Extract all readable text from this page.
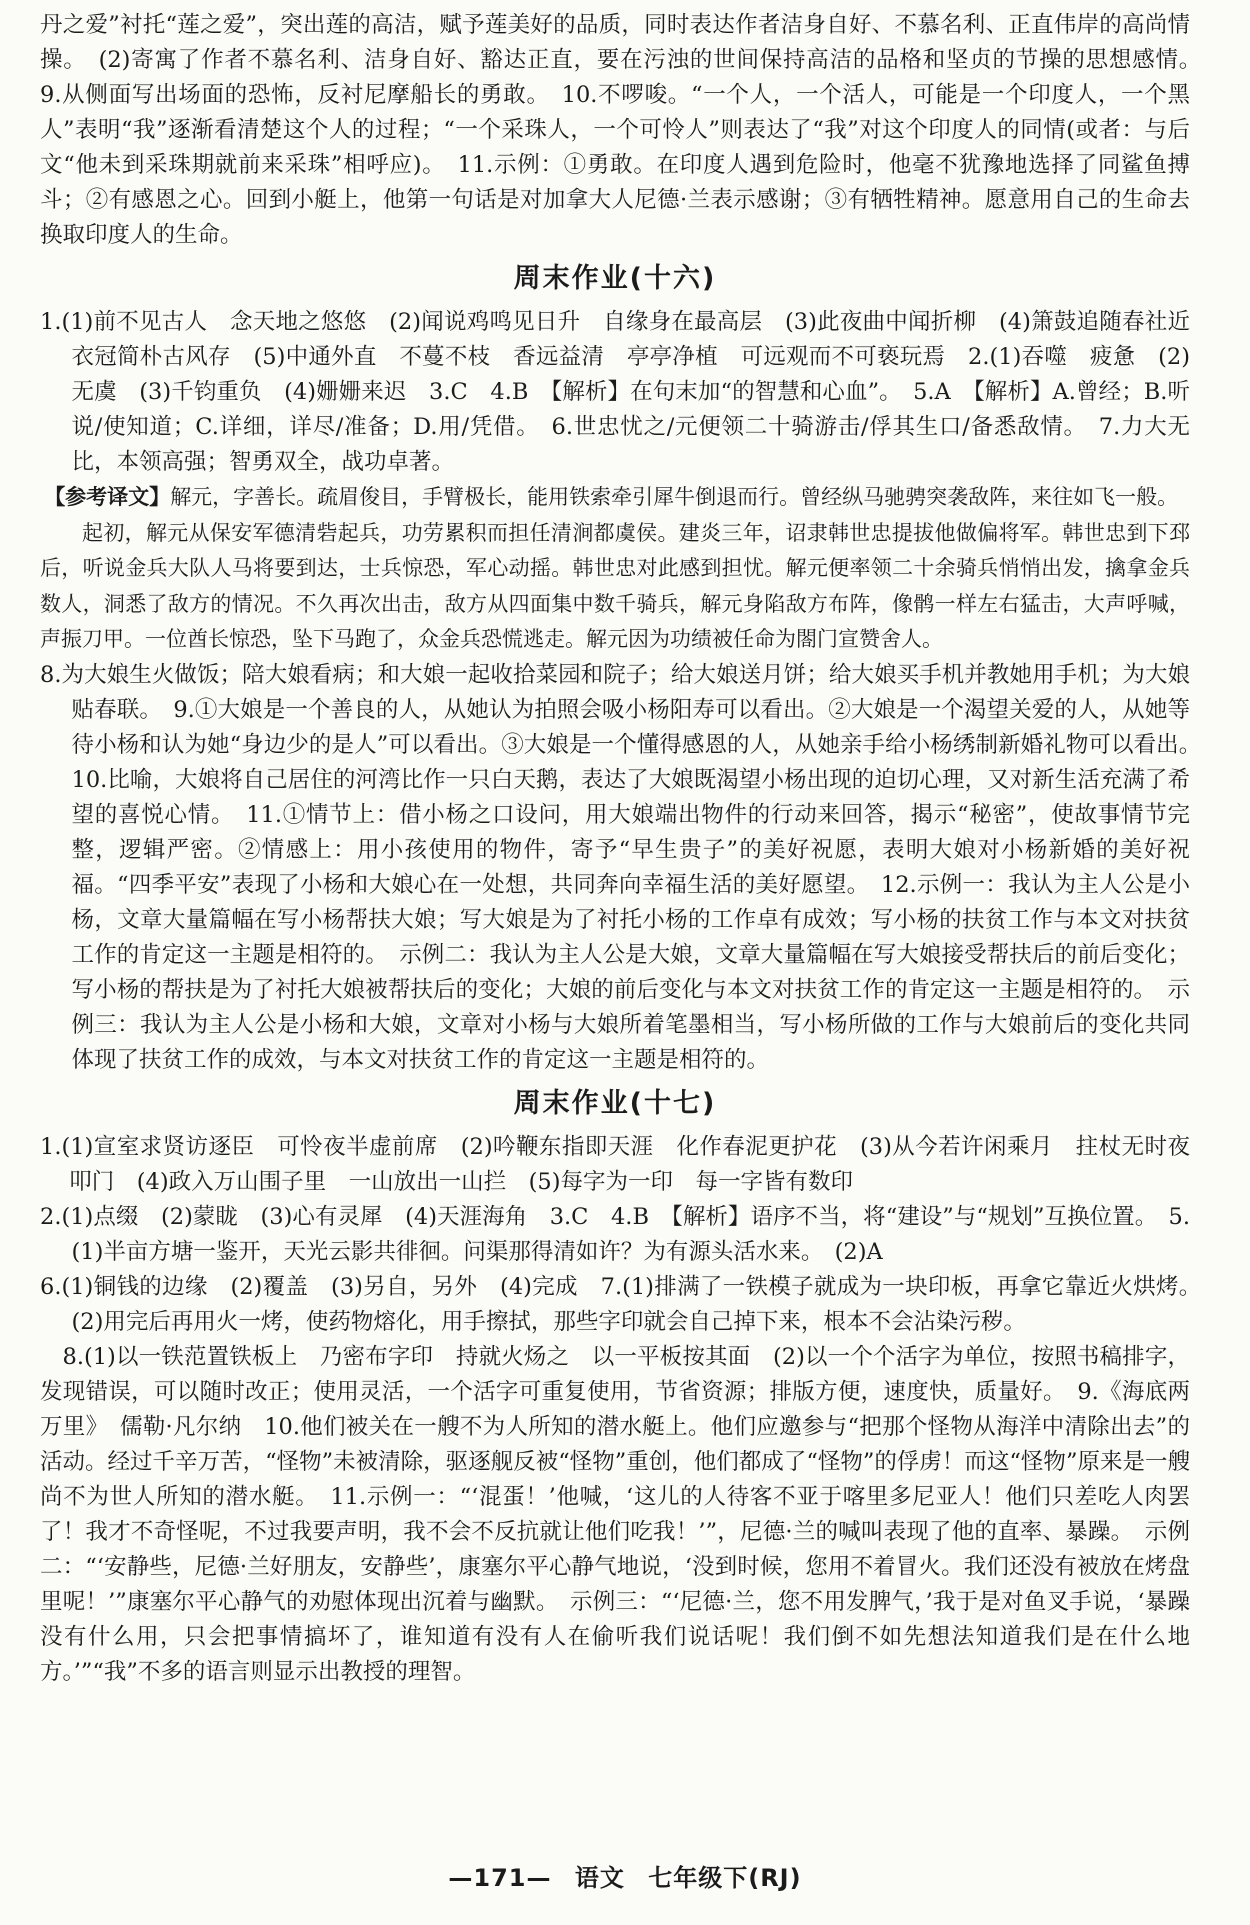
丹之爱”衬托“莲之爱”，突出莲的高洁，赋予莲美好的品质，同时表达作者洁身自好、不慕名利、正直伟岸的高尚情操。　(2)寄寓了作者不慕名利、洁身自好、豁达正直，要在污浊的世间保持高洁的品格和坚贞的节操的思想感情。　9.从侧面写出场面的恐怖，反衬尼摩船长的勇敢。　10.不啰唆。“一个人，一个活人，可能是一个印度人，一个黑人”表明“我”逐渐看清楚这个人的过程；“一个采珠人，一个可怜人”则表达了“我”对这个印度人的同情(或者：与后文“他未到采珠期就前来采珠”相呼应)。　11.示例：①勇敢。在印度人遇到危险时，他毫不犹豫地选择了同鲨鱼搏斗；②有感恩之心。回到小艇上，他第一句话是对加拿大人尼德·兰表示感谢；③有牺牲精神。愿意用自己的生命去换取印度人的生命。

周末作业(十六)

1.(1)前不见古人　念天地之悠悠　(2)闻说鸡鸣见日升　自缘身在最高层　(3)此夜曲中闻折柳　(4)箫鼓追随春社近　衣冠简朴古风存　(5)中通外直　不蔓不枝　香远益清　亭亭净植　可远观而不可亵玩焉　2.(1)吞噬　疲惫　(2)无虞　(3)千钧重负　(4)姗姗来迟　3.C　4.B　【解析】在句末加“的智慧和心血”。　5.A　【解析】A.曾经；B.听说/使知道；C.详细，详尽/准备；D.用/凭借。　6.世忠忧之/元便领二十骑游击/俘其生口/备悉敌情。　7.力大无比，本领高强；智勇双全，战功卓著。

【参考译文】解元，字善长。疏眉俊目，手臂极长，能用铁索牵引犀牛倒退而行。曾经纵马驰骋突袭敌阵，来往如飞一般。

起初，解元从保安军德清砦起兵，功劳累积而担任清涧都虞侯。建炎三年，诏隶韩世忠提拔他做偏将军。韩世忠到下邳后，听说金兵大队人马将要到达，士兵惊恐，军心动摇。韩世忠对此感到担忧。解元便率领二十余骑兵悄悄出发，擒拿金兵数人，洞悉了敌方的情况。不久再次出击，敌方从四面集中数千骑兵，解元身陷敌方布阵，像鹘一样左右猛击，大声呼喊，声振刀甲。一位酋长惊恐，坠下马跑了，众金兵恐慌逃走。解元因为功绩被任命为閤门宣赞舍人。

8.为大娘生火做饭；陪大娘看病；和大娘一起收拾菜园和院子；给大娘送月饼；给大娘买手机并教她用手机；为大娘贴春联。　9.①大娘是一个善良的人，从她认为拍照会吸小杨阳寿可以看出。②大娘是一个渴望关爱的人，从她等待小杨和认为她“身边少的是人”可以看出。③大娘是一个懂得感恩的人，从她亲手给小杨绣制新婚礼物可以看出。　10.比喻，大娘将自己居住的河湾比作一只白天鹅，表达了大娘既渴望小杨出现的迫切心理，又对新生活充满了希望的喜悦心情。　11.①情节上：借小杨之口设问，用大娘端出物件的行动来回答，揭示“秘密”，使故事情节完整，逻辑严密。②情感上：用小孩使用的物件，寄予“早生贵子”的美好祝愿，表明大娘对小杨新婚的美好祝福。“四季平安”表现了小杨和大娘心在一处想，共同奔向幸福生活的美好愿望。　12.示例一：我认为主人公是小杨，文章大量篇幅在写小杨帮扶大娘；写大娘是为了衬托小杨的工作卓有成效；写小杨的扶贫工作与本文对扶贫工作的肯定这一主题是相符的。　示例二：我认为主人公是大娘，文章大量篇幅在写大娘接受帮扶后的前后变化；写小杨的帮扶是为了衬托大娘被帮扶后的变化；大娘的前后变化与本文对扶贫工作的肯定这一主题是相符的。　示例三：我认为主人公是小杨和大娘，文章对小杨与大娘所着笔墨相当，写小杨所做的工作与大娘前后的变化共同体现了扶贫工作的成效，与本文对扶贫工作的肯定这一主题是相符的。

周末作业(十七)

1.(1)宣室求贤访逐臣　可怜夜半虚前席　(2)吟鞭东指即天涯　化作春泥更护花　(3)从今若许闲乘月　拄杖无时夜叩门　(4)政入万山围子里　一山放出一山拦　(5)每字为一印　每一字皆有数印

2.(1)点缀　(2)蒙眬　(3)心有灵犀　(4)天涯海角　3.C　4.B　【解析】语序不当，将“建设”与“规划”互换位置。　5.(1)半亩方塘一鉴开，天光云影共徘徊。问渠那得清如许？为有源头活水来。　(2)A

6.(1)铜钱的边缘　(2)覆盖　(3)另自，另外　(4)完成　7.(1)排满了一铁模子就成为一块印板，再拿它靠近火烘烤。　(2)用完后再用火一烤，使药物熔化，用手擦拭，那些字印就会自己掉下来，根本不会沾染污秽。

8.(1)以一铁范置铁板上　乃密布字印　持就火炀之　以一平板按其面　(2)以一个个活字为单位，按照书稿排字，发现错误，可以随时改正；使用灵活，一个活字可重复使用，节省资源；排版方便，速度快，质量好。　9.《海底两万里》　儒勒·凡尔纳　10.他们被关在一艘不为人所知的潜水艇上。他们应邀参与“把那个怪物从海洋中清除出去”的活动。经过千辛万苦，“怪物”未被清除，驱逐舰反被“怪物”重创，他们都成了“怪物”的俘虏！而这“怪物”原来是一艘尚不为世人所知的潜水艇。　11.示例一：“‘混蛋！’他喊，‘这儿的人待客不亚于喀里多尼亚人！他们只差吃人肉罢了！我才不奇怪呢，不过我要声明，我不会不反抗就让他们吃我！’”，尼德·兰的喊叫表现了他的直率、暴躁。　示例二：“‘安静些，尼德·兰好朋友，安静些’，康塞尔平心静气地说，‘没到时候，您用不着冒火。我们还没有被放在烤盘里呢！’”康塞尔平心静气的劝慰体现出沉着与幽默。　示例三：“‘尼德·兰，您不用发脾气，’我于是对鱼叉手说，‘暴躁没有什么用，只会把事情搞坏了，谁知道有没有人在偷听我们说话呢！我们倒不如先想法知道我们是在什么地方。’”“我”不多的语言则显示出教授的理智。

—171— 语文 七年级下(RJ)
